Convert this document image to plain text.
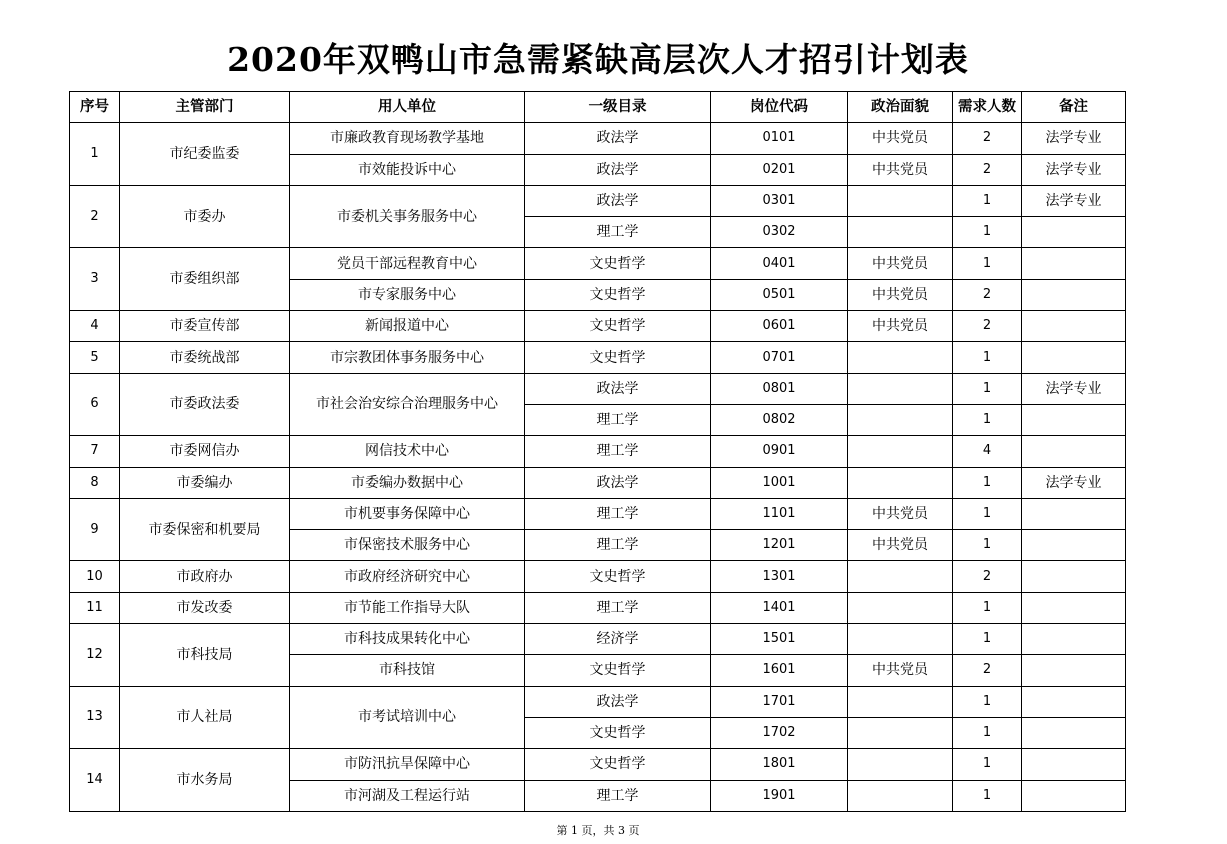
2020年双鸭山市急需紧缺高层次人才招引计划表
序号	主管部门	用人单位	一级目录	岗位代码	政治面貌	需求人数	备注
1	市纪委监委	市廉政教育现场教学基地	政法学	0101	中共党员	2	法学专业
		市效能投诉中心	政法学	0201	中共党员	2	法学专业
2	市委办	市委机关事务服务中心	政法学	0301		1	法学专业
			理工学	0302		1	
3	市委组织部	党员干部远程教育中心	文史哲学	0401	中共党员	1	
		市专家服务中心	文史哲学	0501	中共党员	2	
4	市委宣传部	新闻报道中心	文史哲学	0601	中共党员	2	
5	市委统战部	市宗教团体事务服务中心	文史哲学	0701		1	
6	市委政法委	市社会治安综合治理服务中心	政法学	0801		1	法学专业
			理工学	0802		1	
7	市委网信办	网信技术中心	理工学	0901		4	
8	市委编办	市委编办数据中心	政法学	1001		1	法学专业
9	市委保密和机要局	市机要事务保障中心	理工学	1101	中共党员	1	
		市保密技术服务中心	理工学	1201	中共党员	1	
10	市政府办	市政府经济研究中心	文史哲学	1301		2	
11	市发改委	市节能工作指导大队	理工学	1401		1	
12	市科技局	市科技成果转化中心	经济学	1501		1	
		市科技馆	文史哲学	1601	中共党员	2	
13	市人社局	市考试培训中心	政法学	1701		1	
			文史哲学	1702		1	
14	市水务局	市防汛抗旱保障中心	文史哲学	1801		1	
		市河湖及工程运行站	理工学	1901		1	
第 1 页，共 3 页
